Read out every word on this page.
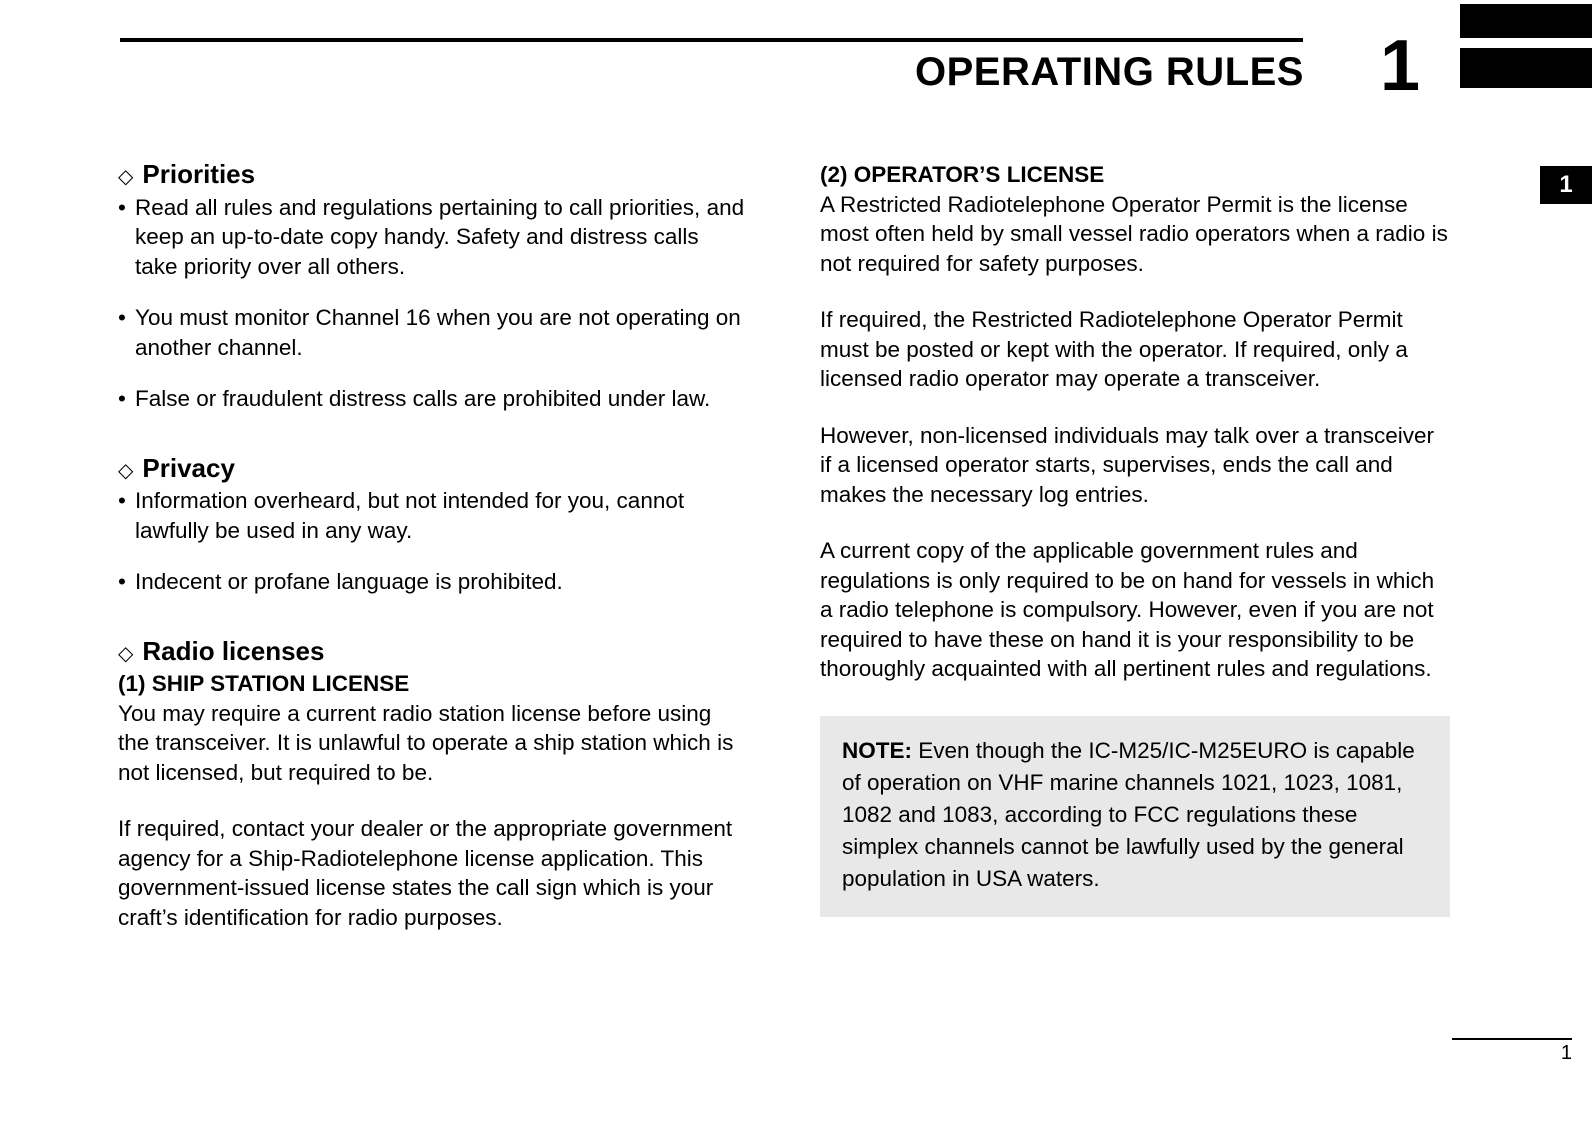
OPERATING RULES 1
1
◇ Priorities

• Read all rules and regulations pertaining to call priorities, and keep an up-to-date copy handy. Safety and distress calls take priority over all others.

• You must monitor Channel 16 when you are not operating on another channel.

• False or fraudulent distress calls are prohibited under law.

◇ Privacy

• Information overheard, but not intended for you, cannot lawfully be used in any way.

• Indecent or profane language is prohibited.

◇ Radio licenses

(1) SHIP STATION LICENSE

You may require a current radio station license before using the transceiver. It is unlawful to operate a ship station which is not licensed, but required to be.

If required, contact your dealer or the appropriate government agency for a Ship-Radiotelephone license application. This government-issued license states the call sign which is your craft’s identification for radio purposes.

(2) OPERATOR’S LICENSE

A Restricted Radiotelephone Operator Permit is the license most often held by small vessel radio operators when a radio is not required for safety purposes.

If required, the Restricted Radiotelephone Operator Permit must be posted or kept with the operator. If required, only a licensed radio operator may operate a transceiver.

However, non-licensed individuals may talk over a transceiver if a licensed operator starts, supervises, ends the call and makes the necessary log entries.

A current copy of the applicable government rules and regulations is only required to be on hand for vessels in which a radio telephone is compulsory. However, even if you are not required to have these on hand it is your responsibility to be thoroughly acquainted with all pertinent rules and regulations.

NOTE: Even though the IC-M25/IC-M25EURO is capable of operation on VHF marine channels 1021, 1023, 1081, 1082 and 1083, according to FCC regulations these simplex channels cannot be lawfully used by the general population in USA waters.
1
